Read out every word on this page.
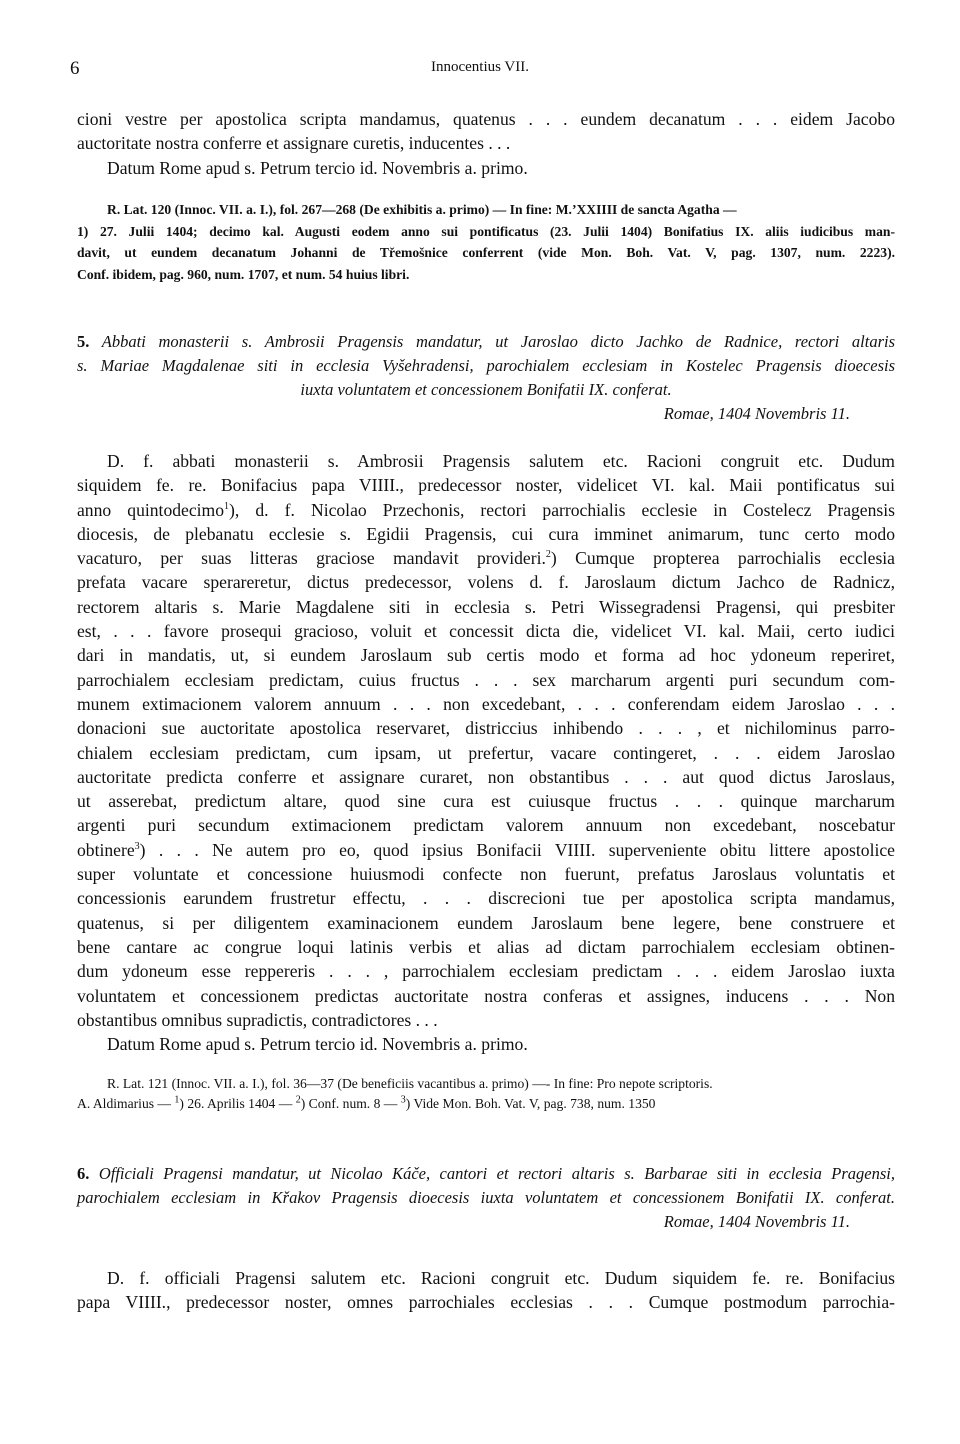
6	Innocentius VII.
cioni vestre per apostolica scripta mandamus, quatenus . . . eundem decanatum . . . eidem Jacobo
auctoritate nostra conferre et assignare curetis, inducentes . . .
Datum Rome apud s. Petrum tercio id. Novembris a. primo.
R. Lat. 120 (Innoc. VII. a. I.), fol. 267—268 (De exhibitis a. primo) — In fine: M.’XXIIII de sancta Agatha —
1) 27. Julii 1404; decimo kal. Augusti eodem anno sui pontificatus (23. Julii 1404) Bonifatius IX. aliis iudicibus man-
davit, ut eundem decanatum Johanni de Třemošnice conferrent (vide Mon. Boh. Vat. V, pag. 1307, num. 2223).
Conf. ibidem, pag. 960, num. 1707, et num. 54 huius libri.
5. Abbati monasterii s. Ambrosii Pragensis mandatur, ut Jaroslao dicto Jachko de Radnice, rectori altaris
s. Mariae Magdalenae siti in ecclesia Vyšehradensi, parochialem ecclesiam in Kostelec Pragensis dioecesis
iuxta voluntatem et concessionem Bonifatii IX. conferat.
Romae, 1404 Novembris 11.
D. f. abbati monasterii s. Ambrosii Pragensis salutem etc. Racioni congruit etc. Dudum
siquidem fe. re. Bonifacius papa VIIII., predecessor noster, videlicet VI. kal. Maii pontificatus sui
anno quintodecimo$^1$), d. f. Nicolao Przechonis, rectori parrochialis ecclesie in Costelecz Pragensis
diocesis, de plebanatu ecclesie s. Egidii Pragensis, cui cura imminet animarum, tunc certo modo
vacaturo, per suas litteras graciose mandavit provideri.$^2$) Cumque propterea parrochialis ecclesia
prefata vacare sperareretur, dictus predecessor, volens d. f. Jaroslaum dictum Jachco de Radnicz,
rectorem altaris s. Marie Magdalene siti in ecclesia s. Petri Wissegradensi Pragensi, qui presbiter
est, . . . favore prosequi gracioso, voluit et concessit dicta die, videlicet VI. kal. Maii, certo iudici
dari in mandatis, ut, si eundem Jaroslaum sub certis modo et forma ad hoc ydoneum reperiret,
parrochialem ecclesiam predictam, cuius fructus . . . sex marcharum argenti puri secundum com-
munem extimacionem valorem annuum . . . non excedebant, . . . conferendam eidem Jaroslao . . .
donacioni sue auctoritate apostolica reservaret, districcius inhibendo . . . , et nichilominus parro-
chialem ecclesiam predictam, cum ipsam, ut prefertur, vacare contingeret, . . . eidem Jaroslao
auctoritate predicta conferre et assignare curaret, non obstantibus . . . aut quod dictus Jaroslaus,
ut asserebat, predictum altare, quod sine cura est cuiusque fructus . . . quinque marcharum
argenti puri secundum extimacionem predictam valorem annuum non excedebant, noscebatur
obtinere$^3$) . . . Ne autem pro eo, quod ipsius Bonifacii VIIII. superveniente obitu littere apostolice
super voluntate et concessione huiusmodi confecte non fuerunt, prefatus Jaroslaus voluntatis et
concessionis earundem frustretur effectu, . . . discrecioni tue per apostolica scripta mandamus,
quatenus, si per diligentem examinacionem eundem Jaroslaum bene legere, bene construere et
bene cantare ac congrue loqui latinis verbis et alias ad dictam parrochialem ecclesiam obtinen-
dum ydoneum esse reppereris . . . , parrochialem ecclesiam predictam . . . eidem Jaroslao iuxta
voluntatem et concessionem predictas auctoritate nostra conferas et assignes, inducens . . . Non
obstantibus omnibus supradictis, contradictores . . .
Datum Rome apud s. Petrum tercio id. Novembris a. primo.
R. Lat. 121 (Innoc. VII. a. I.), fol. 36—37 (De beneficiis vacantibus a. primo) —- In fine: Pro nepote scriptoris.
A. Aldimarius — $^1$) 26. Aprilis 1404 — $^2$) Conf. num. 8 — $^3$) Vide Mon. Boh. Vat. V, pag. 738, num. 1350
6. Officiali Pragensi mandatur, ut Nicolao Káče, cantori et rectori altaris s. Barbarae siti in ecclesia Pragensi,
parochialem ecclesiam in Křakov Pragensis dioecesis iuxta voluntatem et concessionem Bonifatii IX. conferat.
Romae, 1404 Novembris 11.
D. f. officiali Pragensi salutem etc. Racioni congruit etc. Dudum siquidem fe. re. Bonifacius
papa VIIII., predecessor noster, omnes parrochiales ecclesias . . . Cumque postmodum parrochia-
